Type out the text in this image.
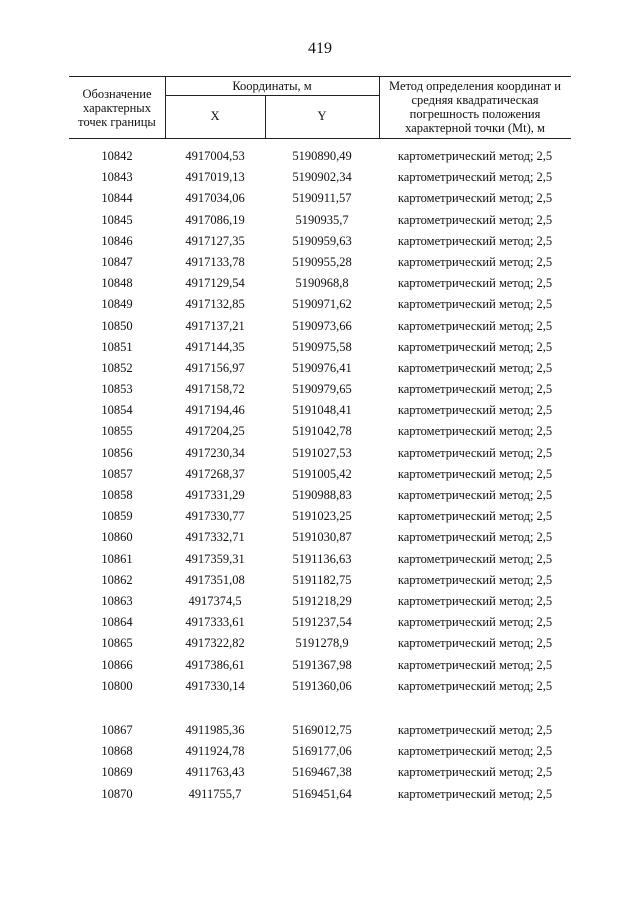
419
Обозначение характерных точек границы
Координаты, м
X	Y
Метод определения координат и средняя квадратическая погрешность положения характерной точки (Mt), м
10842	4917004,53	5190890,49	картометрический метод; 2,5
10843	4917019,13	5190902,34	картометрический метод; 2,5
10844	4917034,06	5190911,57	картометрический метод; 2,5
10845	4917086,19	5190935,7	картометрический метод; 2,5
10846	4917127,35	5190959,63	картометрический метод; 2,5
10847	4917133,78	5190955,28	картометрический метод; 2,5
10848	4917129,54	5190968,8	картометрический метод; 2,5
10849	4917132,85	5190971,62	картометрический метод; 2,5
10850	4917137,21	5190973,66	картометрический метод; 2,5
10851	4917144,35	5190975,58	картометрический метод; 2,5
10852	4917156,97	5190976,41	картометрический метод; 2,5
10853	4917158,72	5190979,65	картометрический метод; 2,5
10854	4917194,46	5191048,41	картометрический метод; 2,5
10855	4917204,25	5191042,78	картометрический метод; 2,5
10856	4917230,34	5191027,53	картометрический метод; 2,5
10857	4917268,37	5191005,42	картометрический метод; 2,5
10858	4917331,29	5190988,83	картометрический метод; 2,5
10859	4917330,77	5191023,25	картометрический метод; 2,5
10860	4917332,71	5191030,87	картометрический метод; 2,5
10861	4917359,31	5191136,63	картометрический метод; 2,5
10862	4917351,08	5191182,75	картометрический метод; 2,5
10863	4917374,5	5191218,29	картометрический метод; 2,5
10864	4917333,61	5191237,54	картометрический метод; 2,5
10865	4917322,82	5191278,9	картометрический метод; 2,5
10866	4917386,61	5191367,98	картометрический метод; 2,5
10800	4917330,14	5191360,06	картометрический метод; 2,5
10867	4911985,36	5169012,75	картометрический метод; 2,5
10868	4911924,78	5169177,06	картометрический метод; 2,5
10869	4911763,43	5169467,38	картометрический метод; 2,5
10870	4911755,7	5169451,64	картометрический метод; 2,5
